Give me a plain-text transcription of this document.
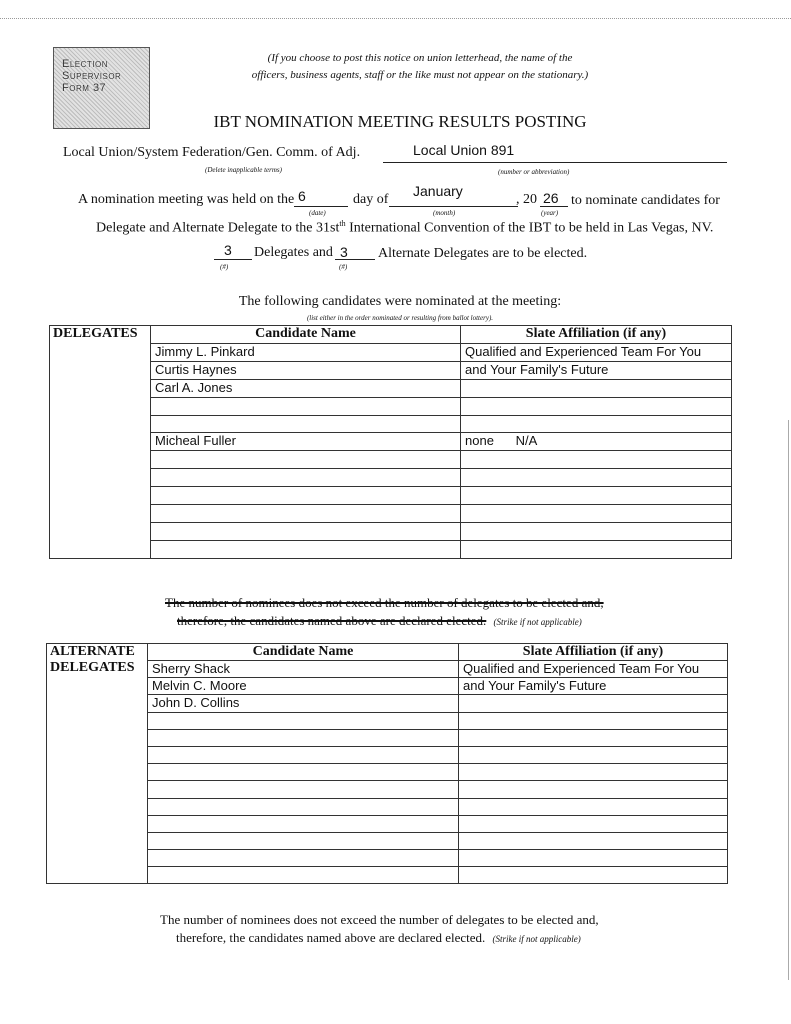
Election
Supervisor
Form 37
(If you choose to post this notice on union letterhead, the name of the
officers, business agents, staff or the like must not appear on the stationary.)
IBT NOMINATION MEETING RESULTS POSTING
Local Union/System Federation/Gen. Comm. of Adj.	Local Union 891
(Delete inapplicable terms)	(number or abbreviation)
A nomination meeting was held on the 6	day of
January
, 20 26 to nominate candidates for
(date)	(month)	(year)
Delegate and Alternate Delegate to the $31st^{th}$ International Convention of the IBT to be held in Las Vegas, NV.
3 Delegates and 3 Alternate Delegates are to be elected.
(#)	(#)
The following candidates were nominated at the meeting:
(list either in the order nominated or resulting from ballot lottery).
DELEGATES	Candidate Name	Slate Affiliation (if any)
	Jimmy L. Pinkard	Qualified and Experienced Team For You
	Curtis Haynes	and Your Family's Future
	Carl A. Jones	

	Micheal Fuller	none      N/A

The number of nominees does not exceed the number of delegates to be elected and,
therefore, the candidates named above are declared elected. (Strike if not applicable)
ALTERNATE
DELEGATES	Candidate Name	Slate Affiliation (if any)
	Sherry Shack	Qualified and Experienced Team For You
	Melvin C. Moore	and Your Family's Future
	John D. Collins	

The number of nominees does not exceed the number of delegates to be elected and,
therefore, the candidates named above are declared elected. (Strike if not applicable)
